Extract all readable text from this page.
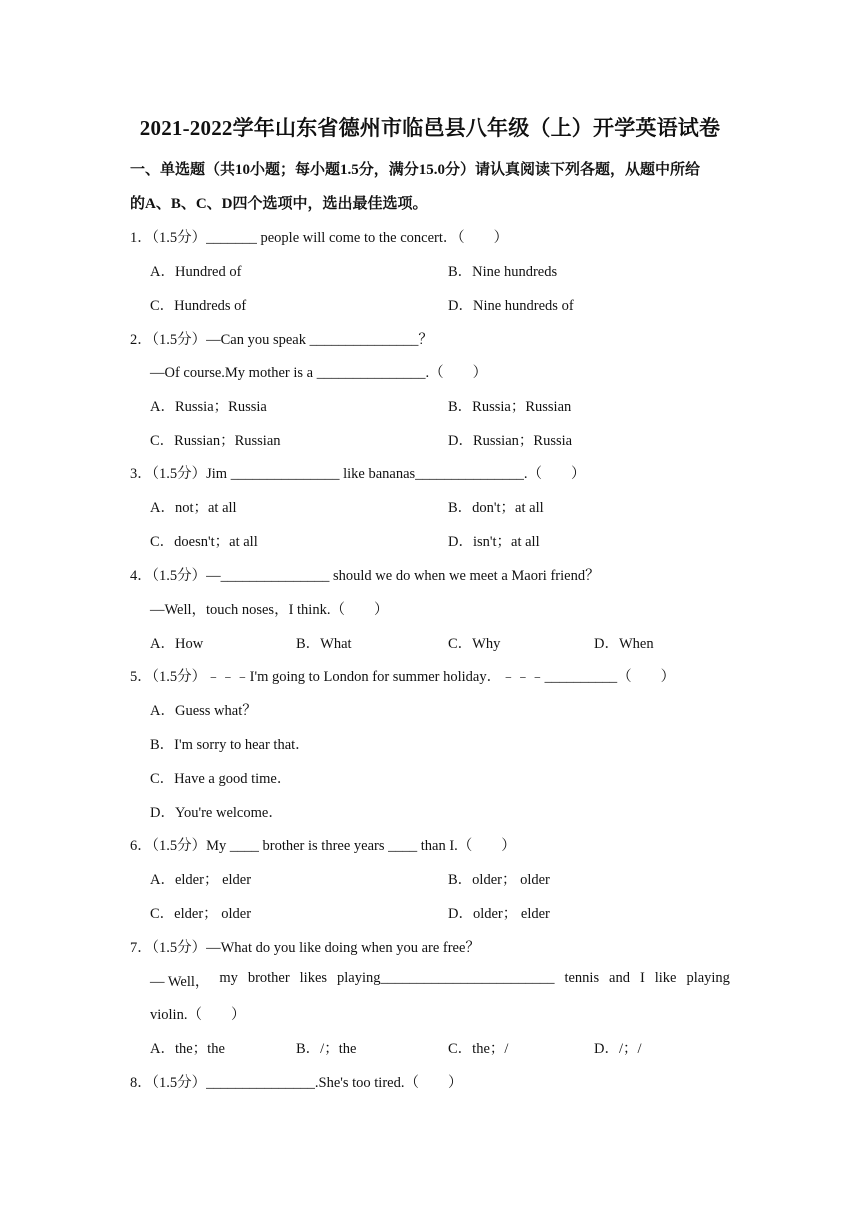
2021-2022学年山东省德州市临邑县八年级（上）开学英语试卷
一、单选题（共10小题；每小题1.5分，满分15.0分）请认真阅读下列各题，从题中所给
的A、B、C、D四个选项中，选出最佳选项。
1．（1.5分）_______ people will come to the concert．（　　）
A．Hundred of	B．Nine hundreds
C．Hundreds of	D．Nine hundreds of
2．（1.5分）—Can you speak _______________？
—Of course.My mother is a _______________.（　　）
A．Russia；Russia	B．Russia；Russian
C．Russian；Russian	D．Russian；Russia
3．（1.5分）Jim _______________ like bananas_______________.（　　）
A．not；at all	B．don't；at all
C．doesn't；at all	D．isn't；at all
4．（1.5分）—_______________ should we do when we meet a Maori friend？
—Well，touch noses，I think.（　　）
A．How	B．What	C．Why	D．When
5．（1.5分）﹣﹣﹣I'm going to London for summer holiday．﹣﹣﹣__________（　　）
A．Guess what？
B．I'm sorry to hear that．
C．Have a good time．
D．You're welcome．
6．（1.5分）My ____ brother is three years ____ than I.（　　）
A．elder； elder	B．older； older
C．elder； older	D．older； elder
7．（1.5分）—What do you like doing when you are free？
— Well， my brother likes playing________________________ tennis and I like playing
violin.（　　）
A．the；the	B．/；the	C．the；/	D．/；/
8．（1.5分）_______________.She's too tired.（　　）
